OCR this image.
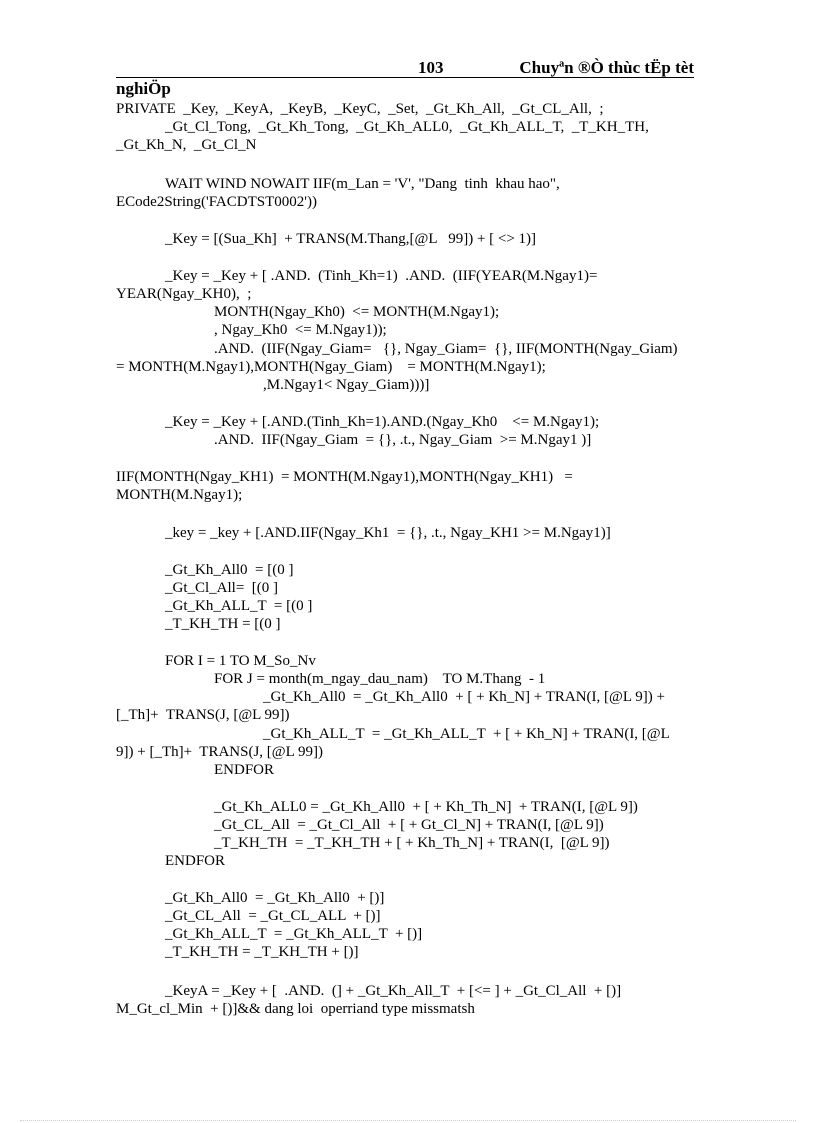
103	Chuyªn ®Ò thùc tËp tèt
nghiÖp
PRIVATE  _Key,  _KeyA,  _KeyB,  _KeyC,  _Set,  _Gt_Kh_All,  _Gt_CL_All,  ;
_Gt_Cl_Tong,  _Gt_Kh_Tong,  _Gt_Kh_ALL0,  _Gt_Kh_ALL_T,  _T_KH_TH,
_Gt_Kh_N,  _Gt_Cl_N
WAIT WIND NOWAIT IIF(m_Lan = 'V', "Dang  tinh  khau hao",
ECode2String('FACDTST0002'))
_Key = [(Sua_Kh]  + TRANS(M.Thang,[@L   99]) + [ <> 1)]
_Key = _Key + [ .AND.  (Tinh_Kh=1)  .AND.  (IIF(YEAR(M.Ngay1)=
YEAR(Ngay_KH0),  ;
MONTH(Ngay_Kh0)  <= MONTH(M.Ngay1);
, Ngay_Kh0  <= M.Ngay1));
.AND.  (IIF(Ngay_Giam=   {}, Ngay_Giam=  {}, IIF(MONTH(Ngay_Giam)
= MONTH(M.Ngay1),MONTH(Ngay_Giam)    = MONTH(M.Ngay1);
,M.Ngay1< Ngay_Giam)))]
_Key = _Key + [.AND.(Tinh_Kh=1).AND.(Ngay_Kh0    <= M.Ngay1);
.AND.  IIF(Ngay_Giam  = {}, .t., Ngay_Giam  >= M.Ngay1 )]
IIF(MONTH(Ngay_KH1)  = MONTH(M.Ngay1),MONTH(Ngay_KH1)   =
MONTH(M.Ngay1);
_key = _key + [.AND.IIF(Ngay_Kh1  = {}, .t., Ngay_KH1 >= M.Ngay1)]
_Gt_Kh_All0  = [(0 ]
_Gt_Cl_All=  [(0 ]
_Gt_Kh_ALL_T  = [(0 ]
_T_KH_TH = [(0 ]
FOR I = 1 TO M_So_Nv
FOR J = month(m_ngay_dau_nam)    TO M.Thang  - 1
_Gt_Kh_All0  = _Gt_Kh_All0  + [ + Kh_N] + TRAN(I, [@L 9]) +
[_Th]+  TRANS(J, [@L 99])
_Gt_Kh_ALL_T  = _Gt_Kh_ALL_T  + [ + Kh_N] + TRAN(I, [@L
9]) + [_Th]+  TRANS(J, [@L 99])
ENDFOR
_Gt_Kh_ALL0 = _Gt_Kh_All0  + [ + Kh_Th_N]  + TRAN(I, [@L 9])
_Gt_CL_All  = _Gt_Cl_All  + [ + Gt_Cl_N] + TRAN(I, [@L 9])
_T_KH_TH  = _T_KH_TH + [ + Kh_Th_N] + TRAN(I,  [@L 9])
ENDFOR
_Gt_Kh_All0  = _Gt_Kh_All0  + [)]
_Gt_CL_All  = _Gt_CL_ALL  + [)]
_Gt_Kh_ALL_T  = _Gt_Kh_ALL_T  + [)]
_T_KH_TH = _T_KH_TH + [)]
_KeyA = _Key + [  .AND.  (] + _Gt_Kh_All_T  + [<= ] + _Gt_Cl_All  + [)]
M_Gt_cl_Min  + [)]&& dang loi  operriand type missmatsh
